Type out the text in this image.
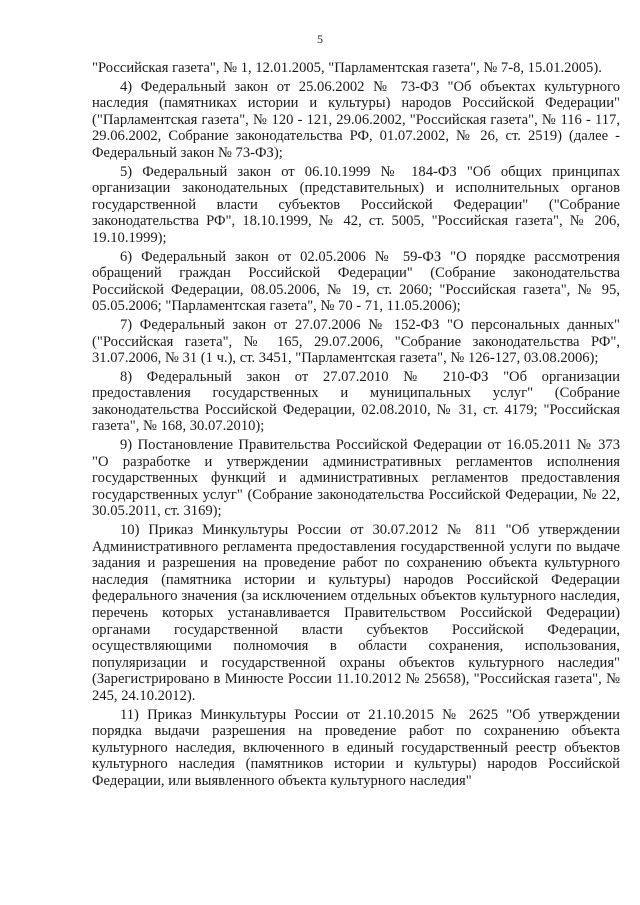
5

"Российская газета", № 1, 12.01.2005, "Парламентская газета", № 7-8, 15.01.2005).

4) Федеральный закон от 25.06.2002 № 73-ФЗ "Об объектах культурного наследия (памятниках истории и культуры) народов Российской Федерации" ("Парламентская газета", № 120 - 121, 29.06.2002, "Российская газета", № 116 - 117, 29.06.2002, Собрание законодательства РФ, 01.07.2002, № 26, ст. 2519) (далее - Федеральный закон № 73-ФЗ);

5) Федеральный закон от 06.10.1999 № 184-ФЗ "Об общих принципах организации законодательных (представительных) и исполнительных органов государственной власти субъектов Российской Федерации" ("Собрание законодательства РФ", 18.10.1999, № 42, ст. 5005, "Российская газета", № 206, 19.10.1999);

6) Федеральный закон от 02.05.2006 № 59-ФЗ "О порядке рассмотрения обращений граждан Российской Федерации" (Собрание законодательства Российской Федерации, 08.05.2006, № 19, ст. 2060; "Российская газета", № 95, 05.05.2006; "Парламентская газета", № 70 - 71, 11.05.2006);

7) Федеральный закон от 27.07.2006 № 152-ФЗ "О персональных данных" ("Российская газета", № 165, 29.07.2006, "Собрание законодательства РФ", 31.07.2006, № 31 (1 ч.), ст. 3451, "Парламентская газета", № 126-127, 03.08.2006);

8) Федеральный закон от 27.07.2010 № 210-ФЗ "Об организации предоставления государственных и муниципальных услуг" (Собрание законодательства Российской Федерации, 02.08.2010, № 31, ст. 4179; "Российская газета", № 168, 30.07.2010);

9) Постановление Правительства Российской Федерации от 16.05.2011 № 373 "О разработке и утверждении административных регламентов исполнения государственных функций и административных регламентов предоставления государственных услуг" (Собрание законодательства Российской Федерации, № 22, 30.05.2011, ст. 3169);

10) Приказ Минкультуры России от 30.07.2012 № 811 "Об утверждении Административного регламента предоставления государственной услуги по выдаче задания и разрешения на проведение работ по сохранению объекта культурного наследия (памятника истории и культуры) народов Российской Федерации федерального значения (за исключением отдельных объектов культурного наследия, перечень которых устанавливается Правительством Российской Федерации) органами государственной власти субъектов Российской Федерации, осуществляющими полномочия в области сохранения, использования, популяризации и государственной охраны объектов культурного наследия" (Зарегистрировано в Минюсте России 11.10.2012 № 25658), "Российская газета", № 245, 24.10.2012).

11) Приказ Минкультуры России от 21.10.2015 № 2625 "Об утверждении порядка выдачи разрешения на проведение работ по сохранению объекта культурного наследия, включенного в единый государственный реестр объектов культурного наследия (памятников истории и культуры) народов Российской Федерации, или выявленного объекта культурного наследия"
